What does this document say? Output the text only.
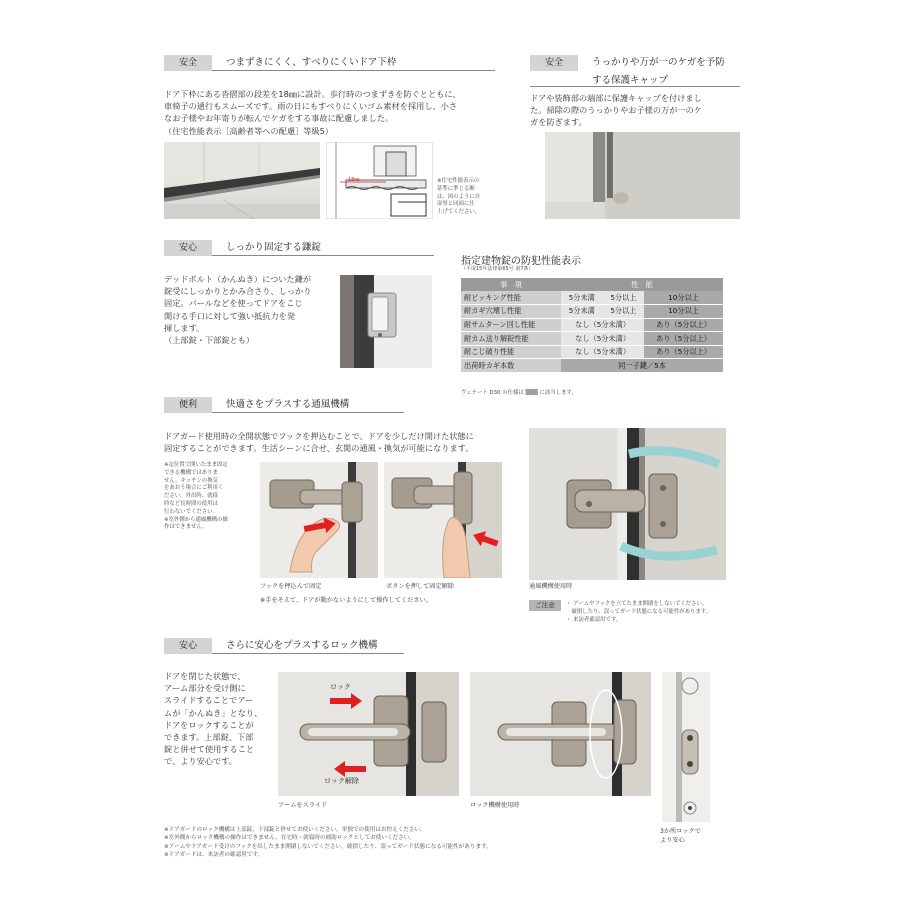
安全	つまずきにくく、すべりにくいドア下枠
ドア下枠にある沓摺部の段差を18㎜に設計。歩行時のつまずきを防ぐとともに、
車椅子の通行もスムーズです。雨の日にもすべりにくいゴム素材を採用し、小さ
なお子様やお年寄りが転んでケガをする事故に配慮しました。
（住宅性能表示［高齢者等への配慮］等級5）
18㎜	※住宅性能表示の
基準に準じる断
は、図のように自
扉厚と同面に仕
上げてください。
安全	うっかりや万が一のケガを予防
する保護キャップ
ドアや装飾部の端部に保護キャップを付けまし
た。掃除の際のうっかりやお子様の万が一のケ
ガを防ぎます。
安心	しっかり固定する鎌錠
デッドボルト（かんぬき）についた鎌が
錠受にしっかりとかみ合さり、しっかり
固定。バールなどを使ってドアをこじ
開ける手口に対して強い抵抗力を発
揮します。
（上部錠・下部錠とも）
指定建物錠の防犯性能表示
（平成15年法律第65号 第7条）
事　項	性　能		
耐ピッキング性能	5分未満	5分以上	10分以上
耐カギ穴壊し性能	5分未満	5分以上	10分以上
耐サムターン回し性能	なし（5分未満）		あり（5分以上）
耐カム送り解錠性能	なし（5分未満）		あり（5分以上）
耐こじ破り性能	なし（5分未満）		あり（5分以上）
出荷時カギ本数	同一子鍵／5本		
ヴェナート D30 の仕様は ▒▒▒ に該当します。
便利	快適さをプラスする通風機構
ドアガード使用時の全開状態でフックを押込むことで、ドアを少しだけ開けた状態に
固定することができます。生活シーンに合せ、玄関の通風・換気が可能になります。
※定位置で開いたまま固定
できる機構ではありま
せん。キッチンの換気
をあおう場合にご利用く
ださい。外出時、就寝
時など長時間の使用は
行わないでください。
※室外側から通風機構の操
作はできません。
フックを押込んで固定	ボタンを押して固定解除
※手をそえて、ドアが動かないようにして操作してください。
通風機構使用時
ご注意	・ アームやフックを立てたまま開閉をしないでください。
　破損したり、誤ってガード状態になる可能性があります。
・ 来訪者確認用です。
安心	さらに安心をプラスするロック機構
ドアを閉じた状態で、
アーム部分を受け側に
スライドすることでアー
ムが「かんぬき」となり、
ドアをロックすることが
できます。上部錠、下部
錠と併せて使用すること
で、より安心です。
ロック
ロック解除
アームをスライド	ロック機構使用時
3か所ロックで
より安心
※ドアガードのロック機構は上部錠、下部錠と併せてお使いください。単独での使用はお控えください。
※室外側からロック機構の操作はできません。在宅時・就寝時の補助ロックとしてお使いください。
※アームやドアガード受けのフックを出したまま開閉しないでください。破損したり、誤ってガード状態になる可能性があります。
※ドアガードは、来訪者の確認用です。
